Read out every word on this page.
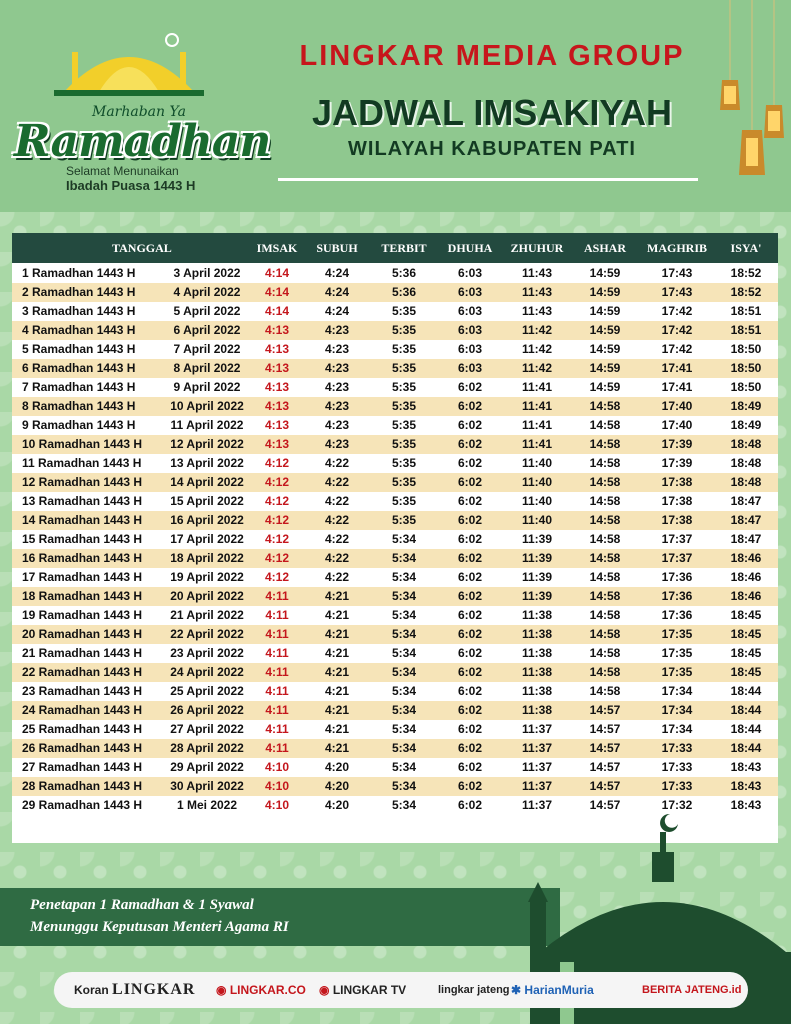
Marhaban Ya
Ramadhan
Selamat Menunaikan
Ibadah Puasa 1443 H
LINGKAR MEDIA GROUP
JADWAL IMSAKIYAH
WILAYAH KABUPATEN PATI
TANGGAL	IMSAK	SUBUH	TERBIT	DHUHA	ZHUHUR	ASHAR	MAGHRIB	ISYA'
1 Ramadhan 1443 H	3 April 2022	4:14	4:24	5:36	6:03	11:43	14:59	17:43	18:52
2 Ramadhan 1443 H	4 April 2022	4:14	4:24	5:36	6:03	11:43	14:59	17:43	18:52
3 Ramadhan 1443 H	5 April 2022	4:14	4:24	5:35	6:03	11:43	14:59	17:42	18:51
4 Ramadhan 1443 H	6 April 2022	4:13	4:23	5:35	6:03	11:42	14:59	17:42	18:51
5 Ramadhan 1443 H	7 April 2022	4:13	4:23	5:35	6:03	11:42	14:59	17:42	18:50
6 Ramadhan 1443 H	8 April 2022	4:13	4:23	5:35	6:03	11:42	14:59	17:41	18:50
7 Ramadhan 1443 H	9 April 2022	4:13	4:23	5:35	6:02	11:41	14:59	17:41	18:50
8 Ramadhan 1443 H	10 April 2022	4:13	4:23	5:35	6:02	11:41	14:58	17:40	18:49
9 Ramadhan 1443 H	11 April 2022	4:13	4:23	5:35	6:02	11:41	14:58	17:40	18:49
10 Ramadhan 1443 H	12 April 2022	4:13	4:23	5:35	6:02	11:41	14:58	17:39	18:48
11 Ramadhan 1443 H	13 April 2022	4:12	4:22	5:35	6:02	11:40	14:58	17:39	18:48
12 Ramadhan 1443 H	14 April 2022	4:12	4:22	5:35	6:02	11:40	14:58	17:38	18:48
13 Ramadhan 1443 H	15 April 2022	4:12	4:22	5:35	6:02	11:40	14:58	17:38	18:47
14 Ramadhan 1443 H	16 April 2022	4:12	4:22	5:35	6:02	11:40	14:58	17:38	18:47
15 Ramadhan 1443 H	17 April 2022	4:12	4:22	5:34	6:02	11:39	14:58	17:37	18:47
16 Ramadhan 1443 H	18 April 2022	4:12	4:22	5:34	6:02	11:39	14:58	17:37	18:46
17 Ramadhan 1443 H	19 April 2022	4:12	4:22	5:34	6:02	11:39	14:58	17:36	18:46
18 Ramadhan 1443 H	20 April 2022	4:11	4:21	5:34	6:02	11:39	14:58	17:36	18:46
19 Ramadhan 1443 H	21 April 2022	4:11	4:21	5:34	6:02	11:38	14:58	17:36	18:45
20 Ramadhan 1443 H	22 April 2022	4:11	4:21	5:34	6:02	11:38	14:58	17:35	18:45
21 Ramadhan 1443 H	23 April 2022	4:11	4:21	5:34	6:02	11:38	14:58	17:35	18:45
22 Ramadhan 1443 H	24 April 2022	4:11	4:21	5:34	6:02	11:38	14:58	17:35	18:45
23 Ramadhan 1443 H	25 April 2022	4:11	4:21	5:34	6:02	11:38	14:58	17:34	18:44
24 Ramadhan 1443 H	26 April 2022	4:11	4:21	5:34	6:02	11:38	14:57	17:34	18:44
25 Ramadhan 1443 H	27 April 2022	4:11	4:21	5:34	6:02	11:37	14:57	17:34	18:44
26 Ramadhan 1443 H	28 April 2022	4:11	4:21	5:34	6:02	11:37	14:57	17:33	18:44
27 Ramadhan 1443 H	29 April 2022	4:10	4:20	5:34	6:02	11:37	14:57	17:33	18:43
28 Ramadhan 1443 H	30 April 2022	4:10	4:20	5:34	6:02	11:37	14:57	17:33	18:43
29 Ramadhan 1443 H	1 Mei 2022	4:10	4:20	5:34	6:02	11:37	14:57	17:32	18:43
Penetapan 1 Ramadhan & 1 Syawal
Menunggu Keputusan Menteri Agama RI
Koran LINGKAR ◉ LINGKAR.CO ◉ LINGKAR TV	lingkar jateng ✱ HarianMuria	BERITA JATENG.id
